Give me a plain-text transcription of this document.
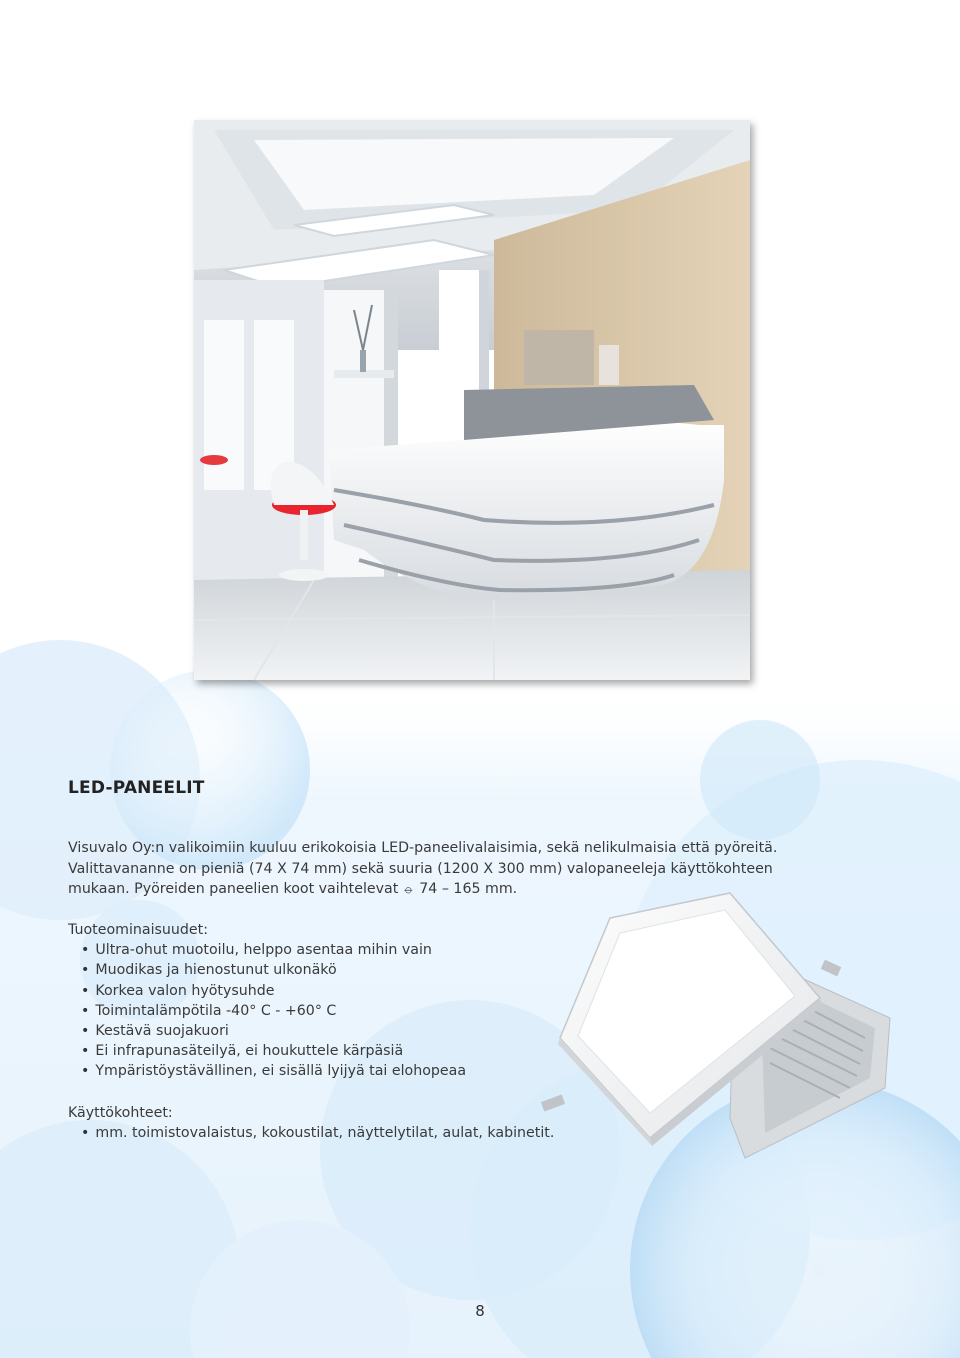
LED-PANEELIT

Visuvalo Oy:n valikoimiin kuuluu erikokoisia LED-paneelivalaisimia, sekä nelikulmaisia että pyöreitä.

Valittavananne on pieniä (74 X 74 mm) sekä suuria (1200 X 300 mm) valopaneeleja käyttökohteen

mukaan. Pyöreiden paneelien koot vaihtelevat ⦵ 74 – 165 mm.

Tuoteominaisuudet:

• Ultra-ohut muotoilu, helppo asentaa mihin vain
• Muodikas ja hienostunut ulkonäkö
• Korkea valon hyötysuhde
• Toimintalämpötila -40° C - +60° C
• Kestävä suojakuori
• Ei infrapunasäteilyä, ei houkuttele kärpäsiä
• Ympäristöystävällinen, ei sisällä lyijyä tai elohopeaa

Käyttökohteet:

• mm. toimistovalaistus, kokoustilat, näyttelytilat, aulat, kabinetit.
8
